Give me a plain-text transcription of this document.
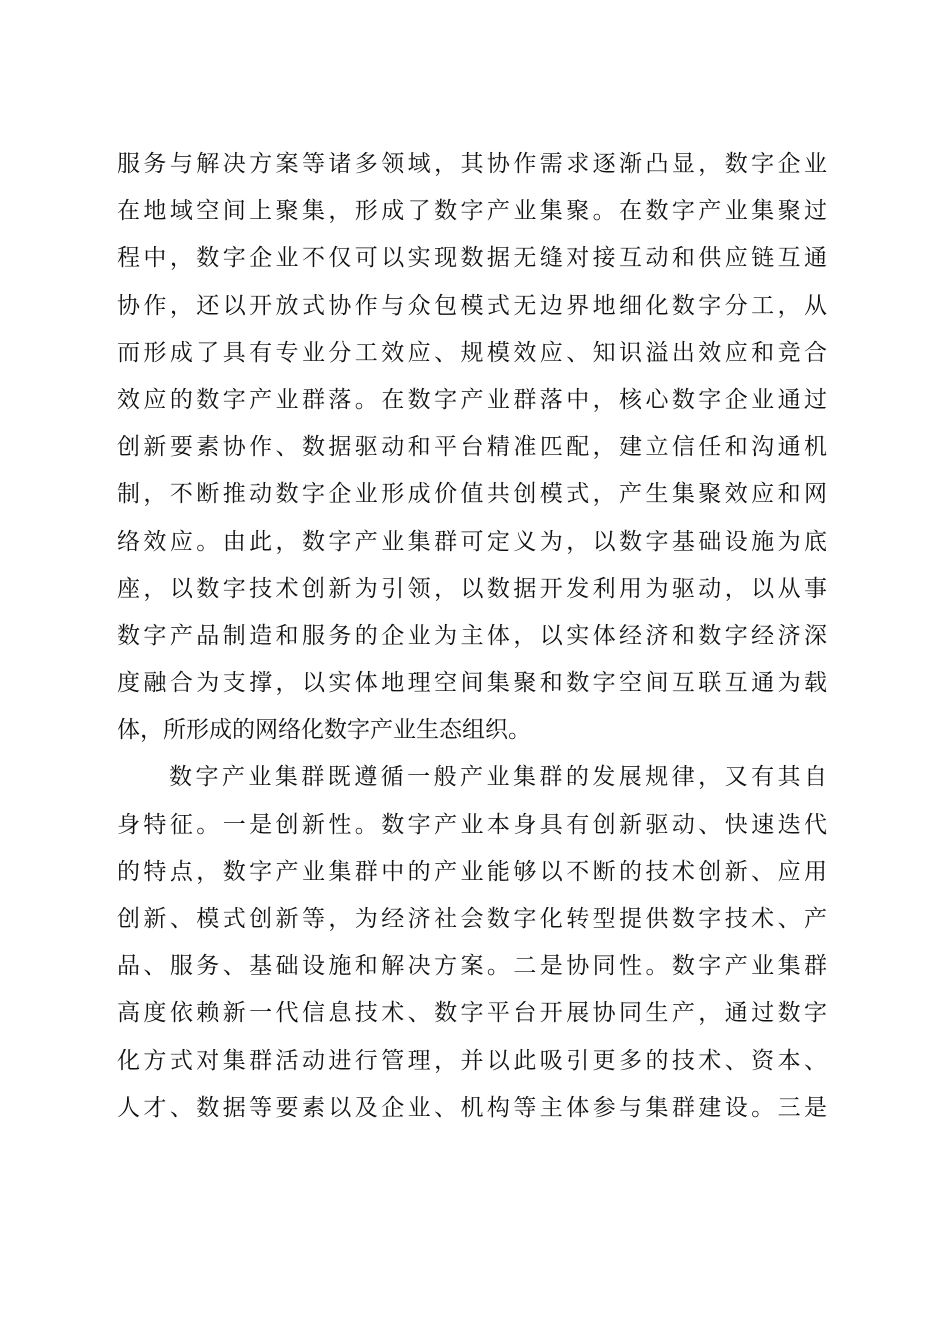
服务与解决方案等诸多领域，其协作需求逐渐凸显，数字企业
在地域空间上聚集，形成了数字产业集聚。在数字产业集聚过
程中，数字企业不仅可以实现数据无缝对接互动和供应链互通
协作，还以开放式协作与众包模式无边界地细化数字分工，从
而形成了具有专业分工效应、规模效应、知识溢出效应和竞合
效应的数字产业群落。在数字产业群落中，核心数字企业通过
创新要素协作、数据驱动和平台精准匹配，建立信任和沟通机
制，不断推动数字企业形成价值共创模式，产生集聚效应和网
络效应。由此，数字产业集群可定义为，以数字基础设施为底
座，以数字技术创新为引领，以数据开发利用为驱动，以从事
数字产品制造和服务的企业为主体，以实体经济和数字经济深
度融合为支撑，以实体地理空间集聚和数字空间互联互通为载
体，所形成的网络化数字产业生态组织。
数字产业集群既遵循一般产业集群的发展规律，又有其自
身特征。一是创新性。数字产业本身具有创新驱动、快速迭代
的特点，数字产业集群中的产业能够以不断的技术创新、应用
创新、模式创新等，为经济社会数字化转型提供数字技术、产
品、服务、基础设施和解决方案。二是协同性。数字产业集群
高度依赖新一代信息技术、数字平台开展协同生产，通过数字
化方式对集群活动进行管理，并以此吸引更多的技术、资本、
人才、数据等要素以及企业、机构等主体参与集群建设。三是
